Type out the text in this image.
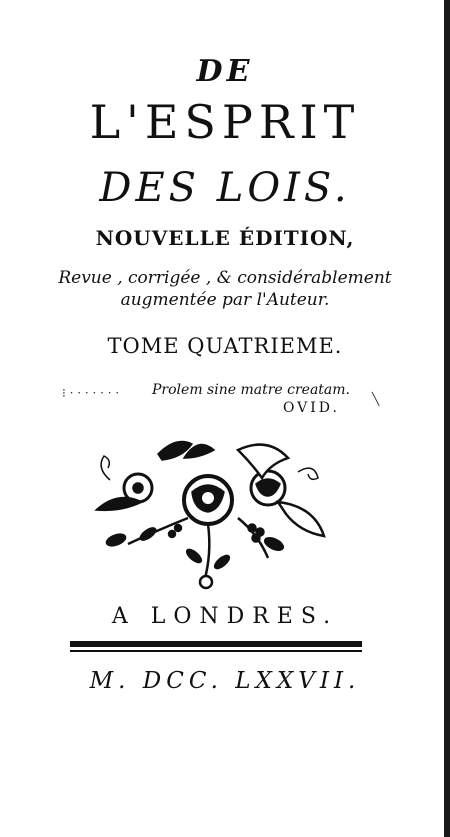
DE
L'ESPRIT
DES LOIS.
NOUVELLE ÉDITION,
Revue , corrigée , & considérablement
augmentée par l'Auteur.
TOME QUATRIEME.
⁝ · · · · · · ·	Prolem sine matre creatam.
OVID.
╲
A LONDRES.
M. DCC. LXXVII.
